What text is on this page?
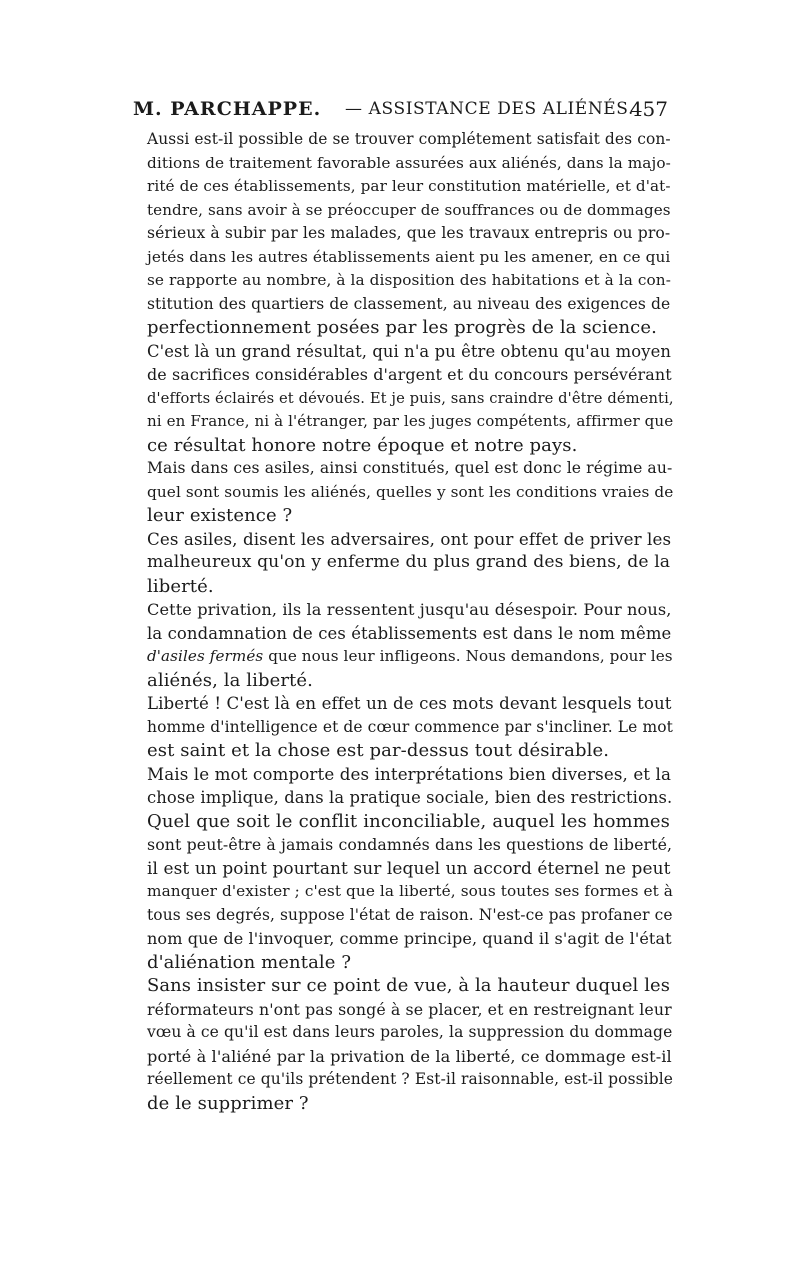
M. PARCHAPPE. — ASSISTANCE DES ALIÉNÉS.
457

Aussi est-il possible de se trouver complétement satisfait des con-
ditions de traitement favorable assurées aux aliénés, dans la majo-
rité de ces établissements, par leur constitution matérielle, et d'at-
tendre, sans avoir à se préoccuper de souffrances ou de dommages
sérieux à subir par les malades, que les travaux entrepris ou pro-
jetés dans les autres établissements aient pu les amener, en ce qui
se rapporte au nombre, à la disposition des habitations et à la con-
stitution des quartiers de classement, au niveau des exigences de
perfectionnement posées par les progrès de la science.

C'est là un grand résultat, qui n'a pu être obtenu qu'au moyen
de sacrifices considérables d'argent et du concours persévérant
d'efforts éclairés et dévoués. Et je puis, sans craindre d'être démenti,
ni en France, ni à l'étranger, par les juges compétents, affirmer que
ce résultat honore notre époque et notre pays.

Mais dans ces asiles, ainsi constitués, quel est donc le régime au-
quel sont soumis les aliénés, quelles y sont les conditions vraies de
leur existence ?

Ces asiles, disent les adversaires, ont pour effet de priver les
malheureux qu'on y enferme du plus grand des biens, de la
liberté.

Cette privation, ils la ressentent jusqu'au désespoir. Pour nous,
la condamnation de ces établissements est dans le nom même
d'asiles fermés que nous leur infligeons. Nous demandons, pour les
aliénés, la liberté.

Liberté ! C'est là en effet un de ces mots devant lesquels tout
homme d'intelligence et de cœur commence par s'incliner. Le mot
est saint et la chose est par-dessus tout désirable.

Mais le mot comporte des interprétations bien diverses, et la
chose implique, dans la pratique sociale, bien des restrictions.

Quel que soit le conflit inconciliable, auquel les hommes
sont peut-être à jamais condamnés dans les questions de liberté,
il est un point pourtant sur lequel un accord éternel ne peut
manquer d'exister ; c'est que la liberté, sous toutes ses formes et à
tous ses degrés, suppose l'état de raison. N'est-ce pas profaner ce
nom que de l'invoquer, comme principe, quand il s'agit de l'état
d'aliénation mentale ?

Sans insister sur ce point de vue, à la hauteur duquel les
réformateurs n'ont pas songé à se placer, et en restreignant leur
vœu à ce qu'il est dans leurs paroles, la suppression du dommage
porté à l'aliéné par la privation de la liberté, ce dommage est-il
réellement ce qu'ils prétendent ? Est-il raisonnable, est-il possible
de le supprimer ?
